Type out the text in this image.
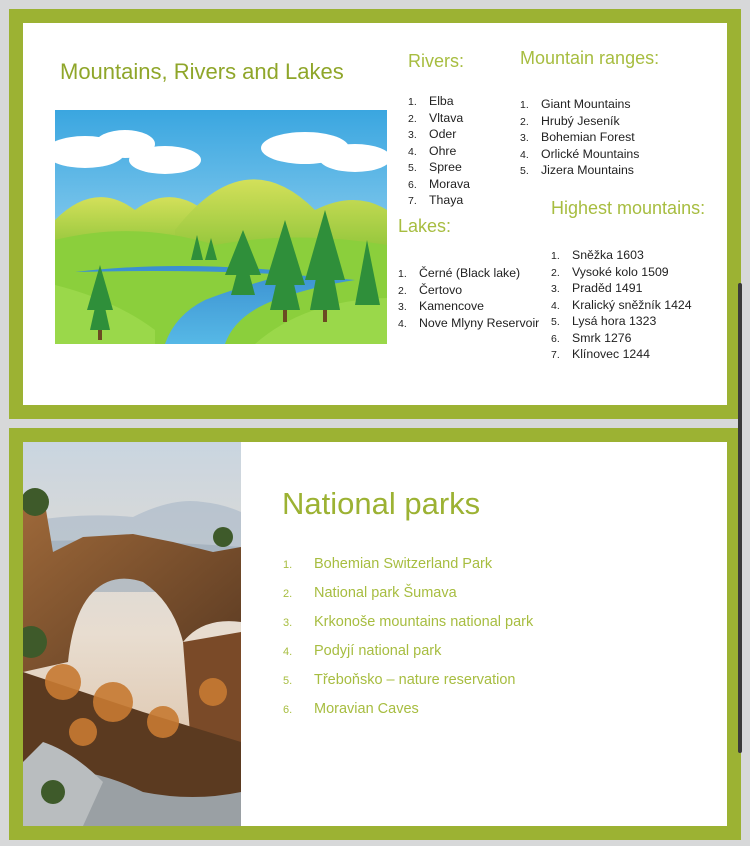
Mountains, Rivers and Lakes	Rivers:
1. Elba
2. Vltava
3. Oder
4. Ohre
5. Spree
6. Morava
7. Thaya
Mountain ranges:
1. Giant Mountains
2. Hrubý Jeseník
3. Bohemian Forest
4. Orlické Mountains
5. Jizera Mountains
Lakes:
1. Černé (Black lake)
2. Čertovo
3. Kamencove
4. Nove Mlyny Reservoir
Highest mountains:
1. Sněžka 1603
2. Vysoké kolo 1509
3. Praděd 1491
4. Kralický sněžník 1424
5. Lysá hora 1323
6. Smrk 1276
7. Klínovec 1244
National parks
1. Bohemian Switzerland Park
2. National park Šumava
3. Krkonoše mountains national park
4. Podyjí national park
5. Třeboňsko – nature reservation
6. Moravian Caves
